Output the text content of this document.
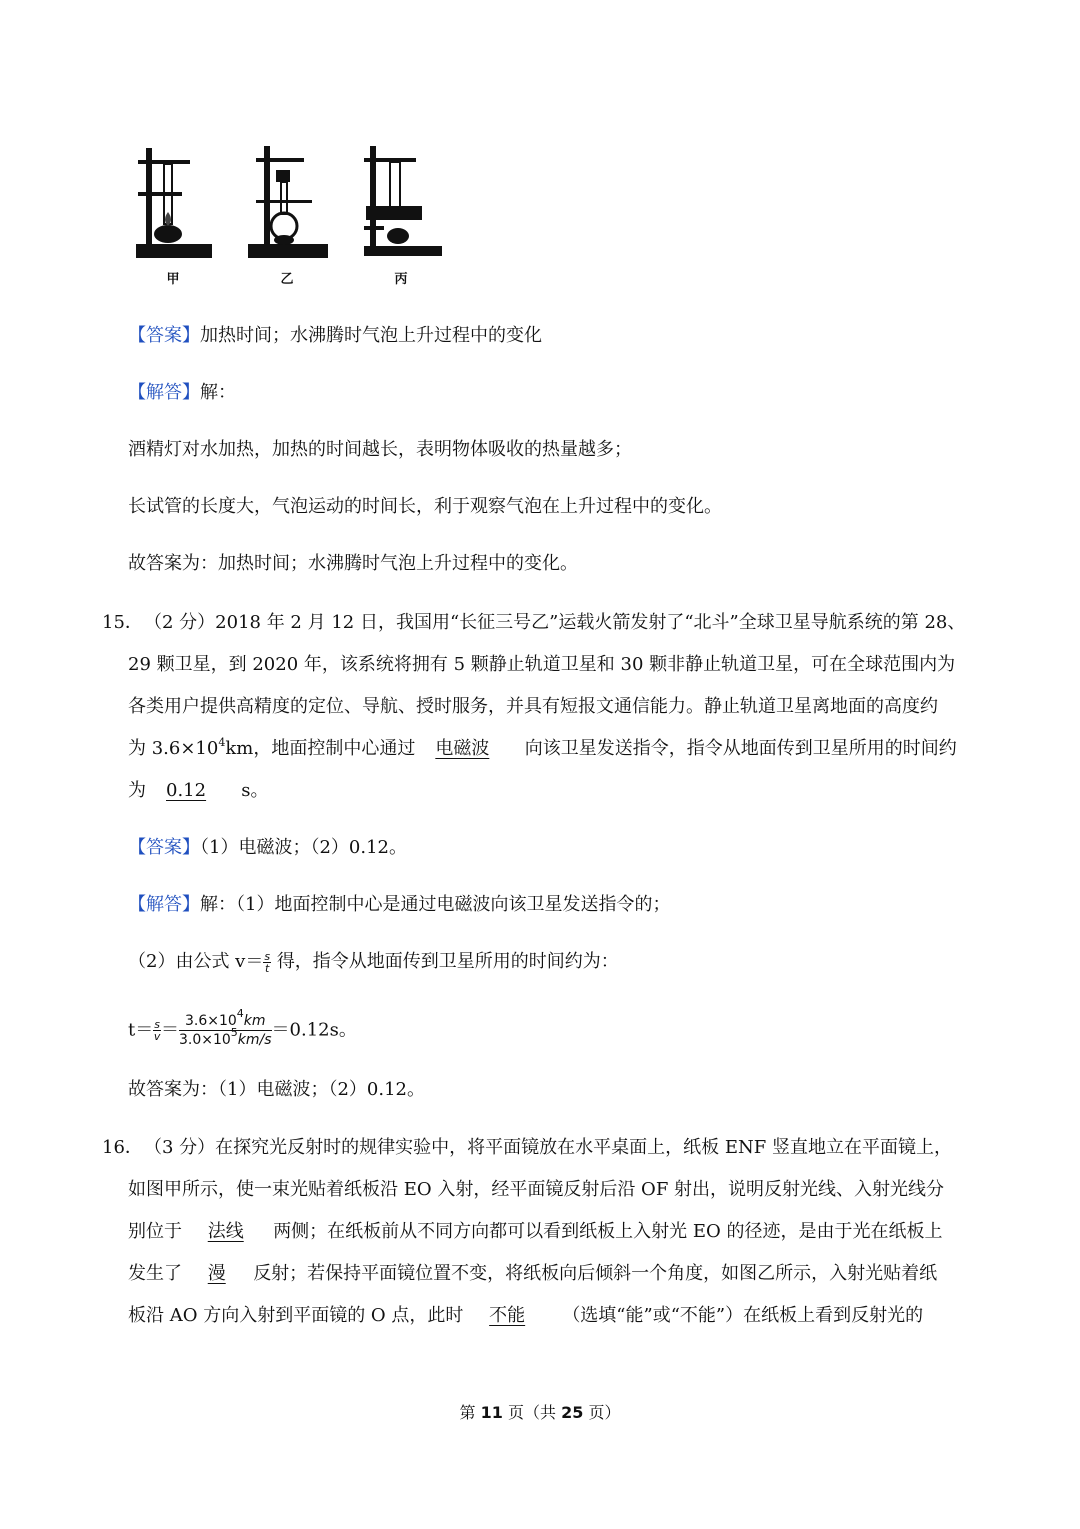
甲	乙	丙
【答案】加热时间；水沸腾时气泡上升过程中的变化
【解答】解：
酒精灯对水加热，加热的时间越长，表明物体吸收的热量越多；
长试管的长度大，气泡运动的时间长，利于观察气泡在上升过程中的变化。
故答案为：加热时间；水沸腾时气泡上升过程中的变化。
15． （2 分）2018 年 2 月 12 日，我国用“长征三号乙”运载火箭发射了“北斗”全球卫星导航系统的第 28、
29 颗卫星，到 2020 年，该系统将拥有 5 颗静止轨道卫星和 30 颗非静止轨道卫星，可在全球范围内为
各类用户提供高精度的定位、导航、授时服务，并具有短报文通信能力。静止轨道卫星离地面的高度约
为 $3.6\times 10^4km$，地面控制中心通过 电磁波 向该卫星发送指令，指令从地面传到卫星所用的时间约
为 0.12 s。
【答案】（1）电磁波；（2）0.12。
【解答】解：（1）地面控制中心是通过电磁波向该卫星发送指令的；
（2）由公式 $v= \frac{s}{t}$ 得，指令从地面传到卫星所用的时间约为：
$t= \frac{s}{v} = \frac{3.6\times 10^4km}{3.0\times 10^5km/s} =0.12s$。
故答案为：（1）电磁波；（2）0.12。
16． （3 分）在探究光反射时的规律实验中，将平面镜放在水平桌面上，纸板 ENF 竖直地立在平面镜上，
如图甲所示，使一束光贴着纸板沿 EO 入射，经平面镜反射后沿 OF 射出，说明反射光线、入射光线分
别位于 法线 两侧；在纸板前从不同方向都可以看到纸板上入射光 EO 的径迹，是由于光在纸板上
发生了 漫 反射；若保持平面镜位置不变，将纸板向后倾斜一个角度，如图乙所示，入射光贴着纸
板沿 AO 方向入射到平面镜的 O 点，此时 不能 （选填“能”或“不能”）在纸板上看到反射光的
第 11 页（共 25 页）
